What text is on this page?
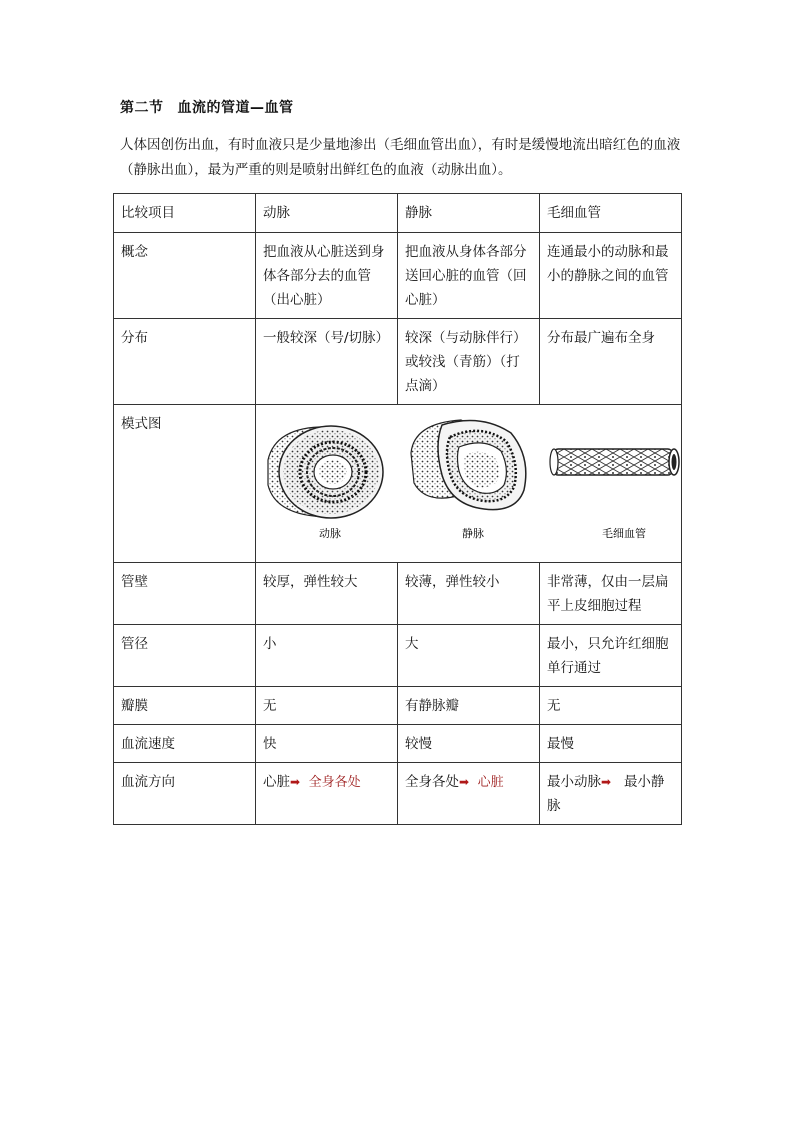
第二节 血流的管道—血管
人体因创伤出血，有时血液只是少量地渗出（毛细血管出血），有时是缓慢地流出暗红色的血液（静脉出血），最为严重的则是喷射出鲜红色的血液（动脉出血）。
比较项目	动脉	静脉	毛细血管
概念	把血液从心脏送到身体各部分去的血管（出心脏）	把血液从身体各部分送回心脏的血管（回心脏）	连通最小的动脉和最小的静脉之间的血管
分布	一般较深（号/切脉）	较深（与动脉伴行）或较浅（青筋）（打点滴）	分布最广遍布全身
模式图	动脉 静脉 毛细血管		

管壁	较厚，弹性较大	较薄，弹性较小	非常薄，仅由一层扁平上皮细胞过程
管径	小	大	最小，只允许红细胞单行通过
瓣膜	无	有静脉瓣	无
血流速度	快	较慢	最慢
血流方向	心脏➡ 全身各处	全身各处➡ 心脏	最小动脉➡ 最小静脉
